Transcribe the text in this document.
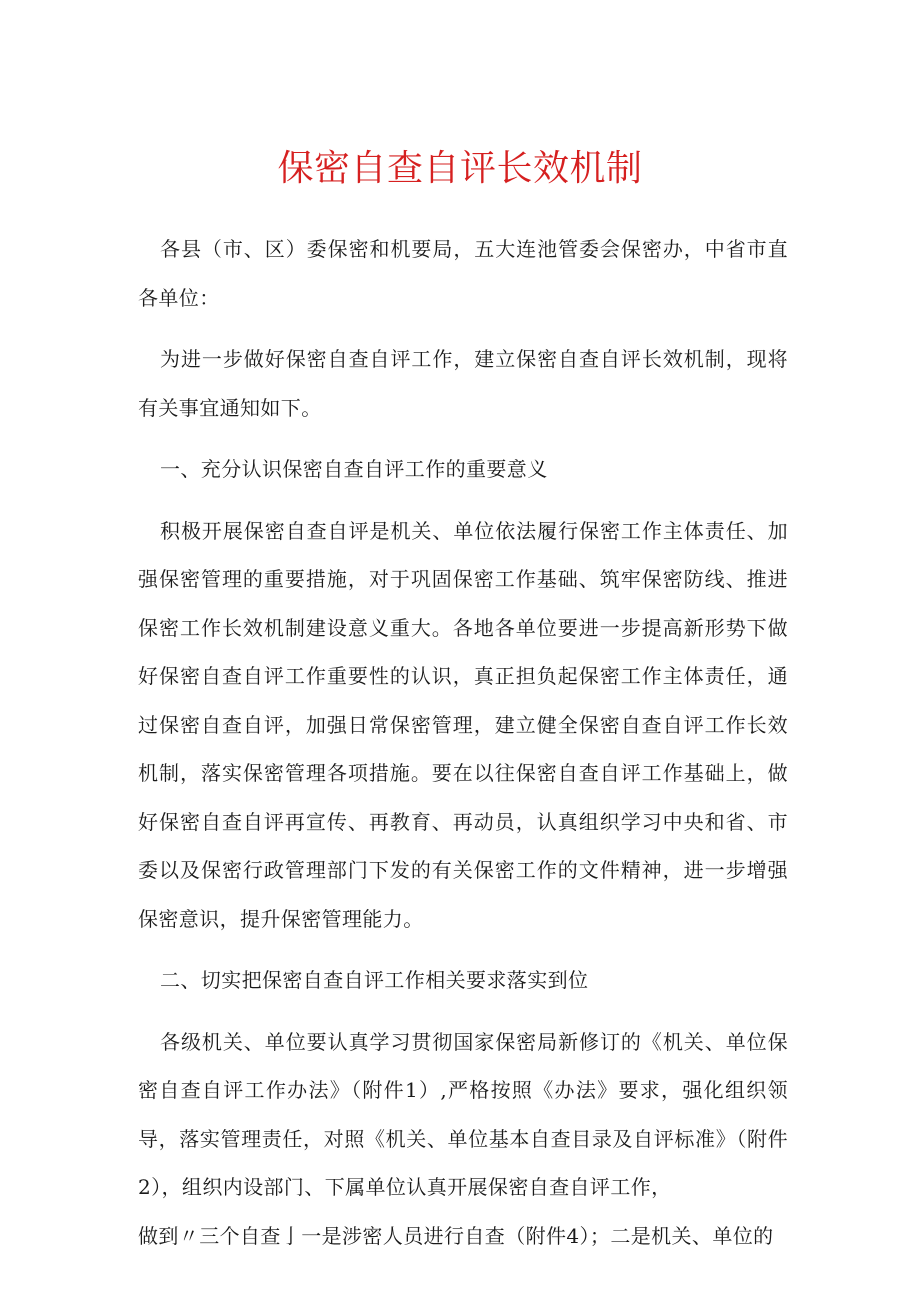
保密自查自评长效机制

各县（市、区）委保密和机要局，五大连池管委会保密办，中省市直各单位：

为进一步做好保密自查自评工作，建立保密自查自评长效机制，现将有关事宜通知如下。

一、充分认识保密自查自评工作的重要意义

积极开展保密自查自评是机关、单位依法履行保密工作主体责任、加强保密管理的重要措施，对于巩固保密工作基础、筑牢保密防线、推进保密工作长效机制建设意义重大。各地各单位要进一步提高新形势下做好保密自查自评工作重要性的认识，真正担负起保密工作主体责任，通过保密自查自评，加强日常保密管理，建立健全保密自查自评工作长效机制，落实保密管理各项措施。要在以往保密自查自评工作基础上，做好保密自查自评再宣传、再教育、再动员，认真组织学习中央和省、市委以及保密行政管理部门下发的有关保密工作的文件精神，进一步增强保密意识，提升保密管理能力。

二、切实把保密自查自评工作相关要求落实到位

各级机关、单位要认真学习贯彻国家保密局新修订的《机关、单位保密自查自评工作办法》（附件1）,严格按照《办法》要求，强化组织领导，落实管理责任，对照《机关、单位基本自查目录及自评标准》（附件2），组织内设部门、下属单位认真开展保密自查自评工作，

做到〃三个自查亅一是涉密人员进行自查（附件4）；二是机关、单位的
